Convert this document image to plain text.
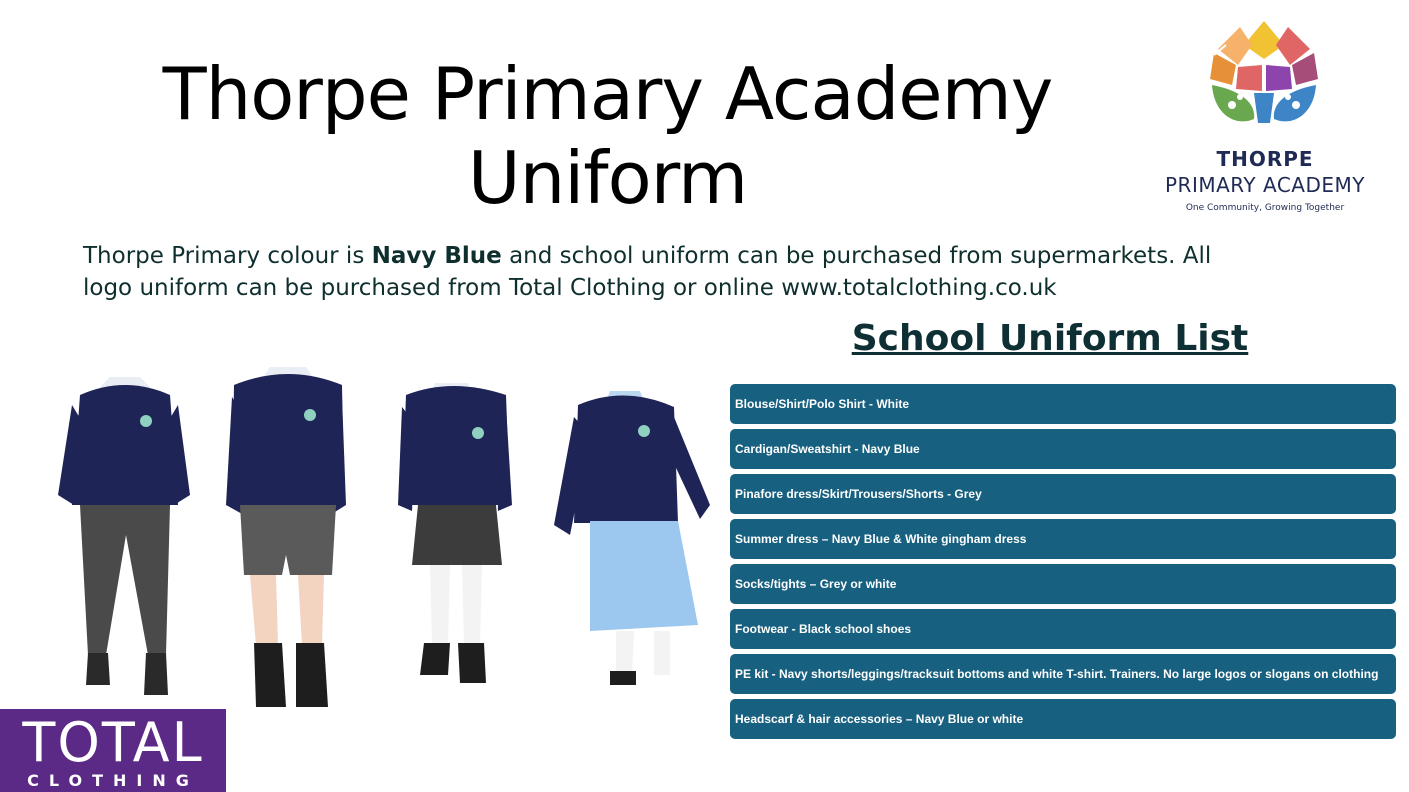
Thorpe Primary Academy
Uniform	THORPE
PRIMARY ACADEMY
One Community, Growing Together
Thorpe Primary colour is Navy Blue and school uniform can be purchased from supermarkets. All logo uniform can be purchased from Total Clothing or online www.totalclothing.co.uk
School Uniform List
Blouse/Shirt/Polo Shirt - White
Cardigan/Sweatshirt - Navy Blue
Pinafore dress/Skirt/Trousers/Shorts - Grey
Summer dress – Navy Blue & White gingham dress
Socks/tights – Grey or white
Footwear - Black school shoes
PE kit - Navy shorts/leggings/tracksuit bottoms and white T-shirt. Trainers. No large logos or slogans on clothing
Headscarf & hair accessories – Navy Blue or white
TOTAL
CLOTHING
